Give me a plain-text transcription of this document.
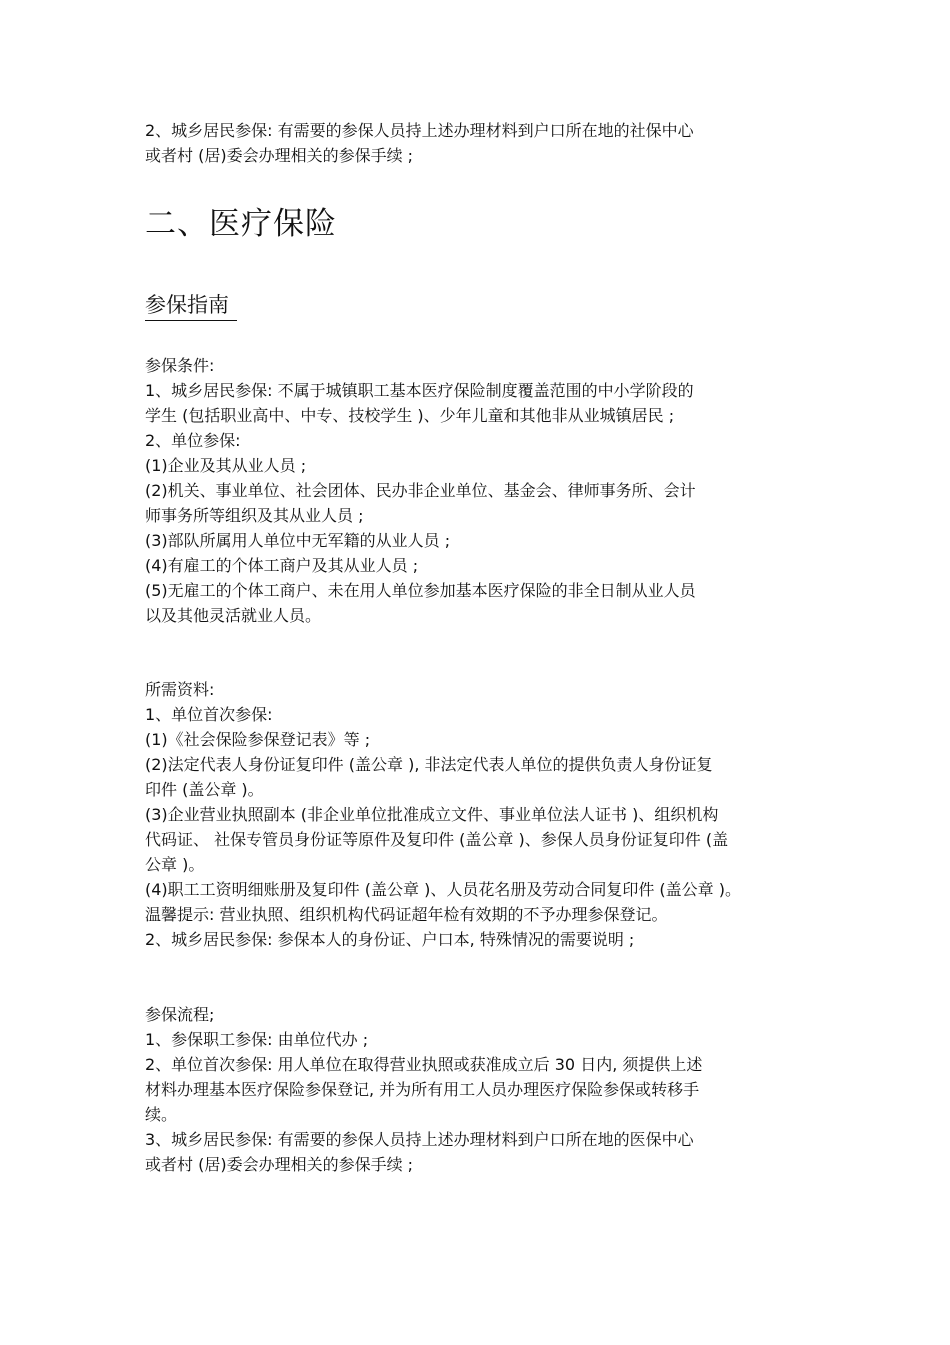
2、城乡居民参保: 有需要的参保人员持上述办理材料到户口所在地的社保中心
或者村 (居)委会办理相关的参保手续 ;
二、医疗保险
参保指南
参保条件:
1、城乡居民参保: 不属于城镇职工基本医疗保险制度覆盖范围的中小学阶段的
学生 (包括职业高中、中专、技校学生 )、少年儿童和其他非从业城镇居民 ;
2、单位参保:
(1)企业及其从业人员 ;
(2)机关、事业单位、社会团体、民办非企业单位、基金会、律师事务所、会计
师事务所等组织及其从业人员 ;
(3)部队所属用人单位中无军籍的从业人员 ;
(4)有雇工的个体工商户及其从业人员 ;
(5)无雇工的个体工商户、未在用人单位参加基本医疗保险的非全日制从业人员
以及其他灵活就业人员。
所需资料:
1、单位首次参保:
(1)《社会保险参保登记表》等 ;
(2)法定代表人身份证复印件 (盖公章 ), 非法定代表人单位的提供负责人身份证复
印件 (盖公章 )。
(3)企业营业执照副本 (非企业单位批准成立文件、事业单位法人证书 )、组织机构
代码证、 社保专管员身份证等原件及复印件 (盖公章 )、参保人员身份证复印件 (盖
公章 )。
(4)职工工资明细账册及复印件 (盖公章 )、人员花名册及劳动合同复印件 (盖公章 )。
温馨提示: 营业执照、组织机构代码证超年检有效期的不予办理参保登记。
2、城乡居民参保: 参保本人的身份证、户口本, 特殊情况的需要说明 ;
参保流程;
1、参保职工参保: 由单位代办 ;
2、单位首次参保: 用人单位在取得营业执照或获准成立后 30 日内, 须提供上述
材料办理基本医疗保险参保登记, 并为所有用工人员办理医疗保险参保或转移手
续。
3、城乡居民参保: 有需要的参保人员持上述办理材料到户口所在地的医保中心
或者村 (居)委会办理相关的参保手续 ;
